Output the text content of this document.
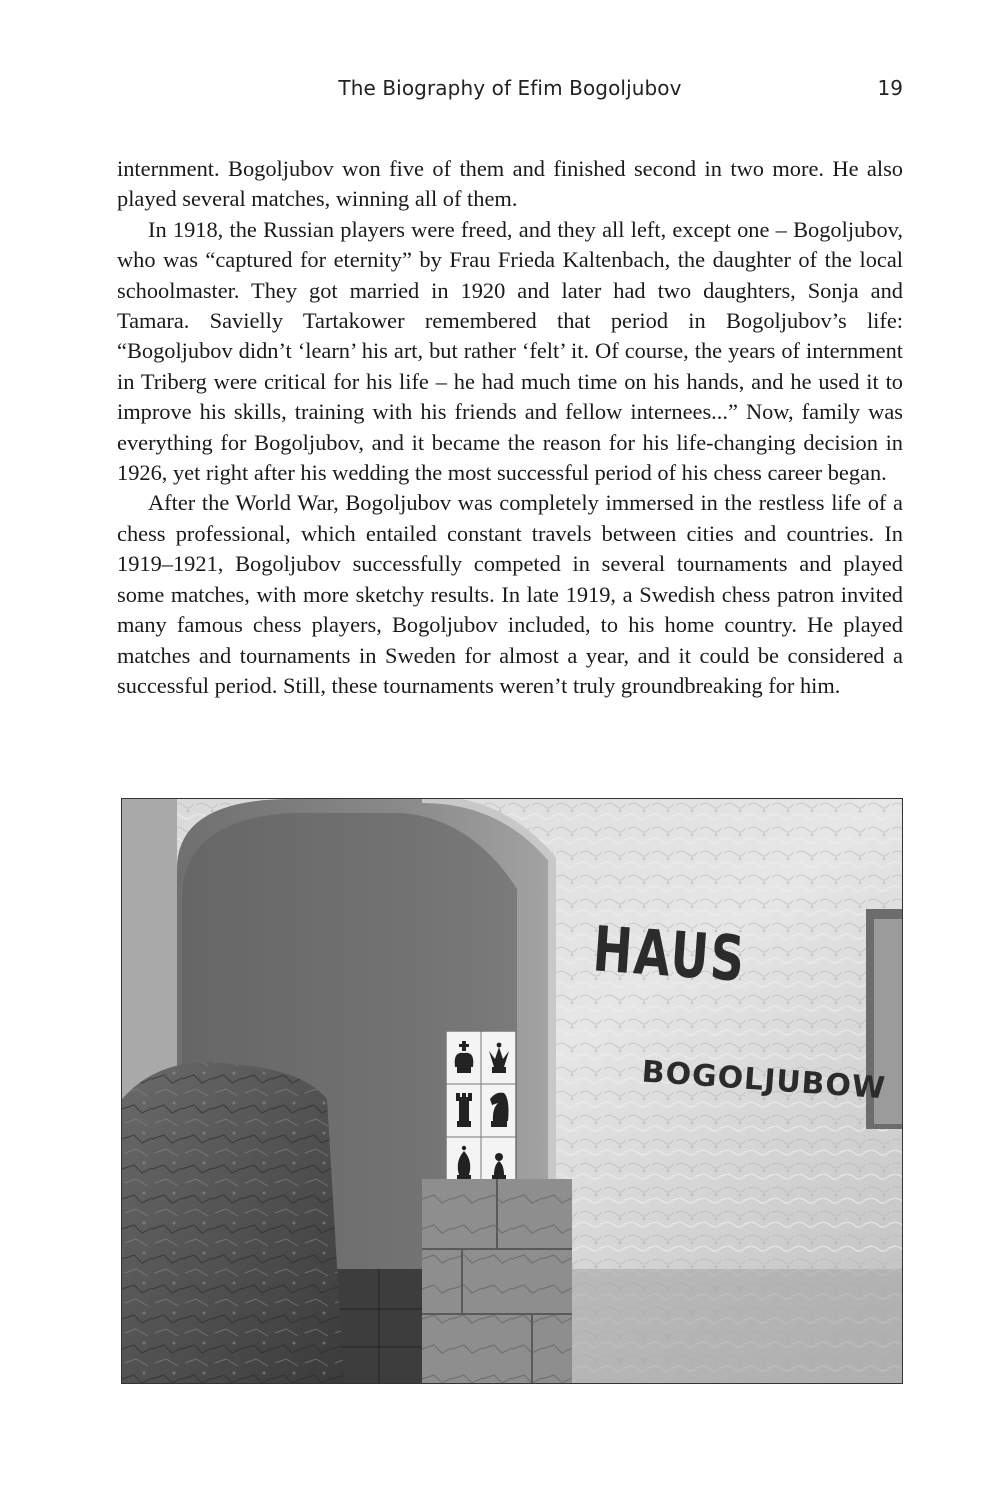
The Biography of Efim Bogoljubov	19

internment. Bogoljubov won five of them and finished second in two more. He also played several matches, winning all of them.

In 1918, the Russian players were freed, and they all left, except one – Bogoljubov, who was “captured for eternity” by Frau Frieda Kaltenbach, the daughter of the local schoolmaster. They got married in 1920 and later had two daughters, Sonja and Tamara. Savielly Tartakower remembered that period in Bogoljubov’s life: “Bogoljubov didn’t ‘learn’ his art, but rather ‘felt’ it. Of course, the years of internment in Triberg were critical for his life – he had much time on his hands, and he used it to improve his skills, training with his friends and fellow internees...” Now, family was everything for Bogoljubov, and it became the reason for his life-changing decision in 1926, yet right after his wedding the most successful period of his chess career began.

After the World War, Bogoljubov was completely immersed in the restless life of a chess professional, which entailed constant travels between cities and countries. In 1919–1921, Bogoljubov successfully competed in several tournaments and played some matches, with more sketchy results. In late 1919, a Swedish chess patron invited many famous chess players, Bogoljubov included, to his home country. He played matches and tournaments in Sweden for almost a year, and it could be considered a successful period. Still, these tournaments weren’t truly groundbreaking for him.

HAUS
BOGOLJUBOW
